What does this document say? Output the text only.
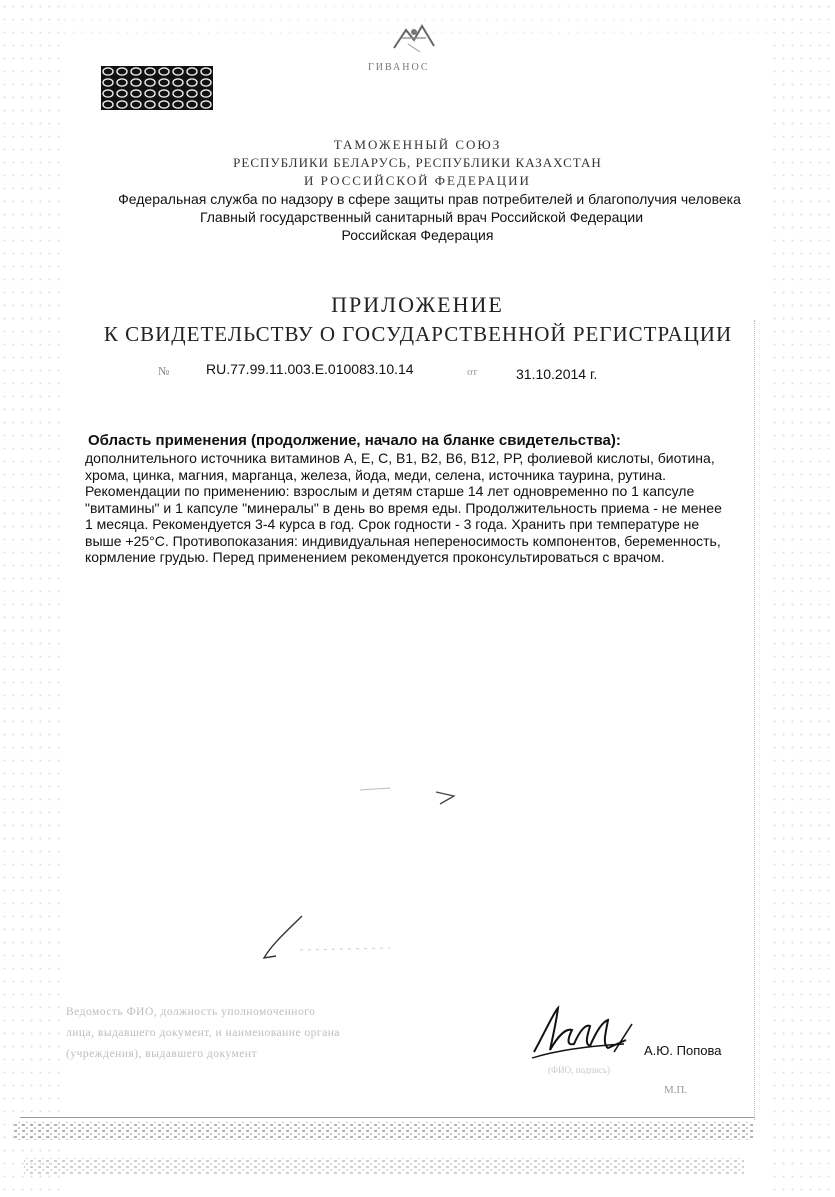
ГИВАНОС
ТАМОЖЕННЫЙ СОЮЗ
РЕСПУБЛИКИ БЕЛАРУСЬ, РЕСПУБЛИКИ КАЗАХСТАН
И РОССИЙСКОЙ ФЕДЕРАЦИИ
Федеральная служба по надзору в сфере защиты прав потребителей и благополучия человека
Главный государственный санитарный врач Российской Федерации
Российская Федерация
ПРИЛОЖЕНИЕ
К СВИДЕТЕЛЬСТВУ О ГОСУДАРСТВЕННОЙ РЕГИСТРАЦИИ
№	RU.77.99.11.003.E.010083.10.14	от	31.10.2014 г.
Область применения (продолжение, начало на бланке свидетельства):
дополнительного источника витаминов А, Е, С, В1, В2, В6, В12, РР, фолиевой кислоты, биотина,
хрома, цинка, магния, марганца, железа, йода, меди, селена, источника таурина, рутина.
Рекомендации по применению: взрослым и детям старше 14 лет одновременно по 1 капсуле
"витамины" и 1 капсуле "минералы" в день во время еды. Продолжительность приема - не менее
1 месяца. Рекомендуется 3-4 курса в год. Срок годности - 3 года. Хранить при температуре не
выше +25°С. Противопоказания: индивидуальная непереносимость компонентов, беременность,
кормление грудью. Перед применением рекомендуется проконсультироваться с врачом.
Ведомость ФИО, должность уполномоченного
лица, выдавшего документ, и наименование органа
(учреждения), выдавшего документ	А.Ю. Попова
(ФИО, подпись)
М.П.
